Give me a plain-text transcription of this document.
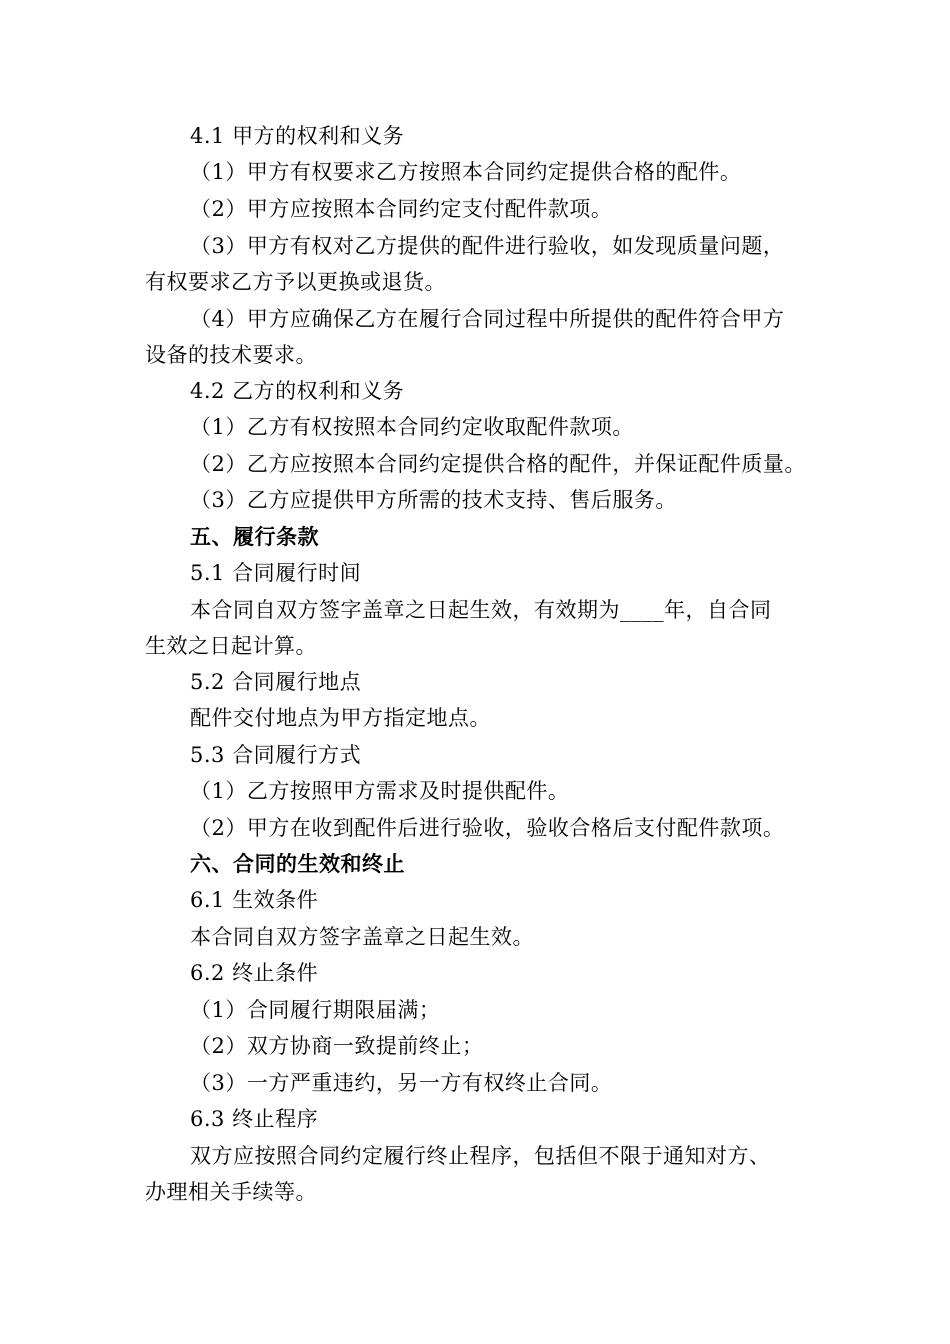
4.1 甲方的权利和义务
（1）甲方有权要求乙方按照本合同约定提供合格的配件。
（2）甲方应按照本合同约定支付配件款项。
（3）甲方有权对乙方提供的配件进行验收，如发现质量问题，
有权要求乙方予以更换或退货。
（4）甲方应确保乙方在履行合同过程中所提供的配件符合甲方
设备的技术要求。
4.2 乙方的权利和义务
（1）乙方有权按照本合同约定收取配件款项。
（2）乙方应按照本合同约定提供合格的配件，并保证配件质量。
（3）乙方应提供甲方所需的技术支持、售后服务。
五、履行条款
5.1 合同履行时间
本合同自双方签字盖章之日起生效，有效期为____年，自合同
生效之日起计算。
5.2 合同履行地点
配件交付地点为甲方指定地点。
5.3 合同履行方式
（1）乙方按照甲方需求及时提供配件。
（2）甲方在收到配件后进行验收，验收合格后支付配件款项。
六、合同的生效和终止
6.1 生效条件
本合同自双方签字盖章之日起生效。
6.2 终止条件
（1）合同履行期限届满；
（2）双方协商一致提前终止；
（3）一方严重违约，另一方有权终止合同。
6.3 终止程序
双方应按照合同约定履行终止程序，包括但不限于通知对方、
办理相关手续等。
